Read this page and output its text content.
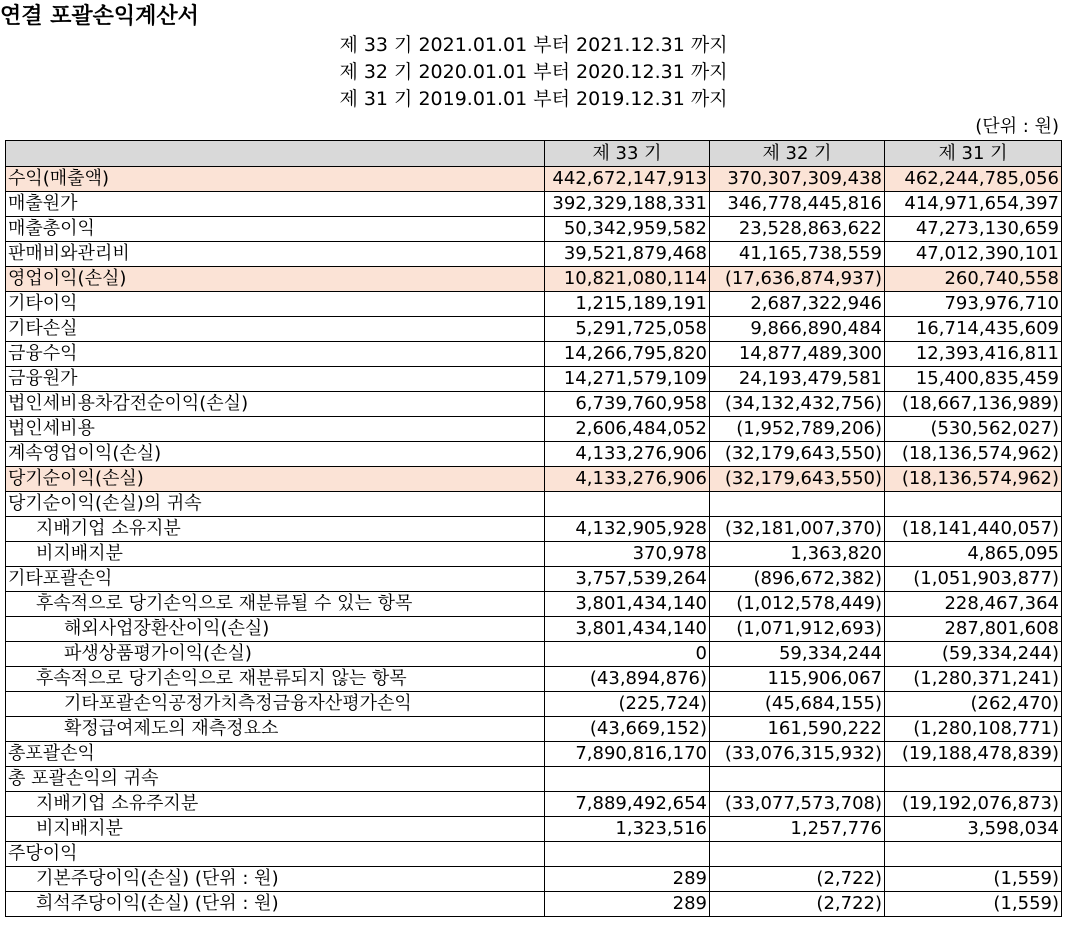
연결 포괄손익계산서
제 33 기 2021.01.01 부터 2021.12.31 까지
제 32 기 2020.01.01 부터 2020.12.31 까지
제 31 기 2019.01.01 부터 2019.12.31 까지
(단위 : 원)
	제 33 기	제 32 기	제 31 기
수익(매출액)	442,672,147,913	370,307,309,438	462,244,785,056
매출원가	392,329,188,331	346,778,445,816	414,971,654,397
매출총이익	50,342,959,582	23,528,863,622	47,273,130,659
판매비와관리비	39,521,879,468	41,165,738,559	47,012,390,101
영업이익(손실)	10,821,080,114	(17,636,874,937)	260,740,558
기타이익	1,215,189,191	2,687,322,946	793,976,710
기타손실	5,291,725,058	9,866,890,484	16,714,435,609
금융수익	14,266,795,820	14,877,489,300	12,393,416,811
금융원가	14,271,579,109	24,193,479,581	15,400,835,459
법인세비용차감전순이익(손실)	6,739,760,958	(34,132,432,756)	(18,667,136,989)
법인세비용	2,606,484,052	(1,952,789,206)	(530,562,027)
계속영업이익(손실)	4,133,276,906	(32,179,643,550)	(18,136,574,962)
당기순이익(손실)	4,133,276,906	(32,179,643,550)	(18,136,574,962)
당기순이익(손실)의 귀속			
지배기업 소유지분	4,132,905,928	(32,181,007,370)	(18,141,440,057)
비지배지분	370,978	1,363,820	4,865,095
기타포괄손익	3,757,539,264	(896,672,382)	(1,051,903,877)
후속적으로 당기손익으로 재분류될 수 있는 항목	3,801,434,140	(1,012,578,449)	228,467,364
해외사업장환산이익(손실)	3,801,434,140	(1,071,912,693)	287,801,608
파생상품평가이익(손실)	0	59,334,244	(59,334,244)
후속적으로 당기손익으로 재분류되지 않는 항목	(43,894,876)	115,906,067	(1,280,371,241)
기타포괄손익공정가치측정금융자산평가손익	(225,724)	(45,684,155)	(262,470)
확정급여제도의 재측정요소	(43,669,152)	161,590,222	(1,280,108,771)
총포괄손익	7,890,816,170	(33,076,315,932)	(19,188,478,839)
총 포괄손익의 귀속			
지배기업 소유주지분	7,889,492,654	(33,077,573,708)	(19,192,076,873)
비지배지분	1,323,516	1,257,776	3,598,034
주당이익			
기본주당이익(손실) (단위 : 원)	289	(2,722)	(1,559)
희석주당이익(손실) (단위 : 원)	289	(2,722)	(1,559)
